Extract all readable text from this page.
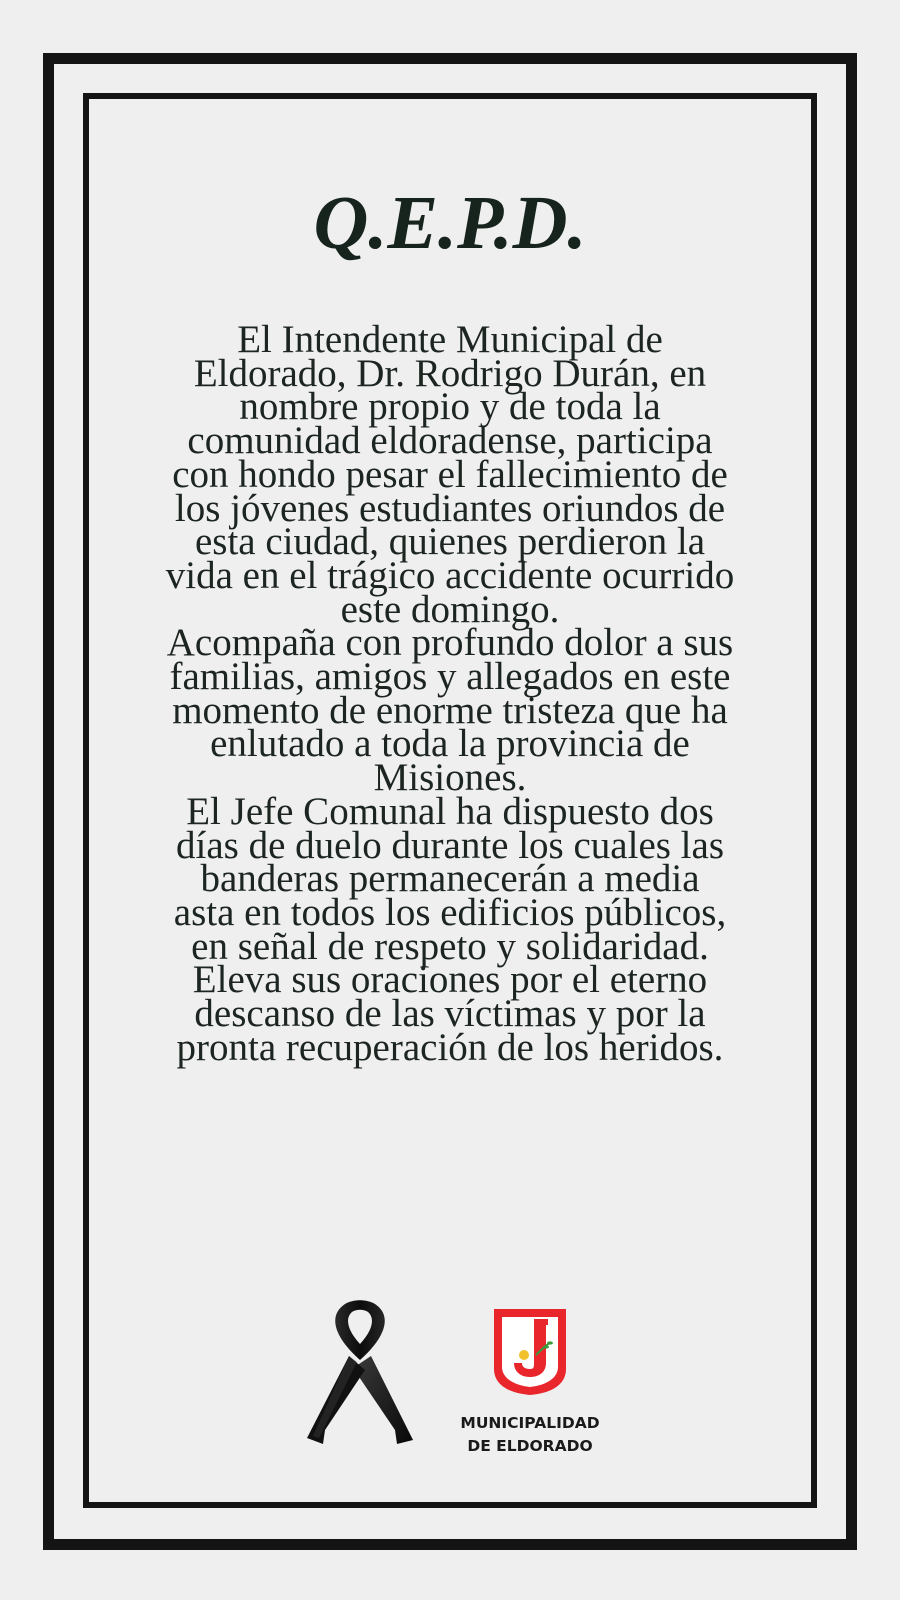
Q.E.P.D.
El Intendente Municipal de
Eldorado, Dr. Rodrigo Durán, en
nombre propio y de toda la
comunidad eldoradense, participa
con hondo pesar el fallecimiento de
los jóvenes estudiantes oriundos de
esta ciudad, quienes perdieron la
vida en el trágico accidente ocurrido
este domingo.
Acompaña con profundo dolor a sus
familias, amigos y allegados en este
momento de enorme tristeza que ha
enlutado a toda la provincia de
Misiones.
El Jefe Comunal ha dispuesto dos
días de duelo durante los cuales las
banderas permanecerán a media
asta en todos los edificios públicos,
en señal de respeto y solidaridad.
Eleva sus oraciones por el eterno
descanso de las víctimas y por la
pronta recuperación de los heridos.
MUNICIPALIDAD
DE ELDORADO
